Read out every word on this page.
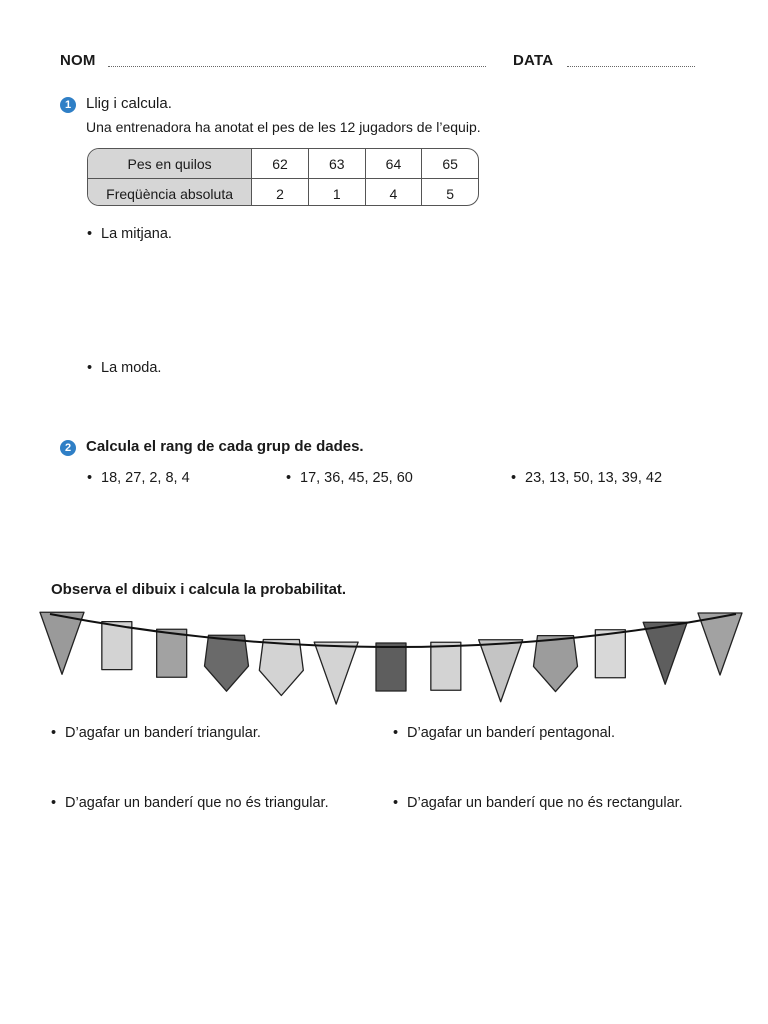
NOM	DATA
1 Llig i calcula.
Una entrenadora ha anotat el pes de les 12 jugadors de l’equip.
Pes en quilos	62	63	64	65
Freqüència absoluta	2	1	4	5
• La mitjana.
• La moda.
2 Calcula el rang de cada grup de dades.
• 18, 27, 2, 8, 4	• 17, 36, 45, 25, 60	• 23, 13, 50, 13, 39, 42
Observa el dibuix i calcula la probabilitat.
• D’agafar un banderí triangular.	• D’agafar un banderí pentagonal.
• D’agafar un banderí que no és triangular.	• D’agafar un banderí que no és rectangular.
